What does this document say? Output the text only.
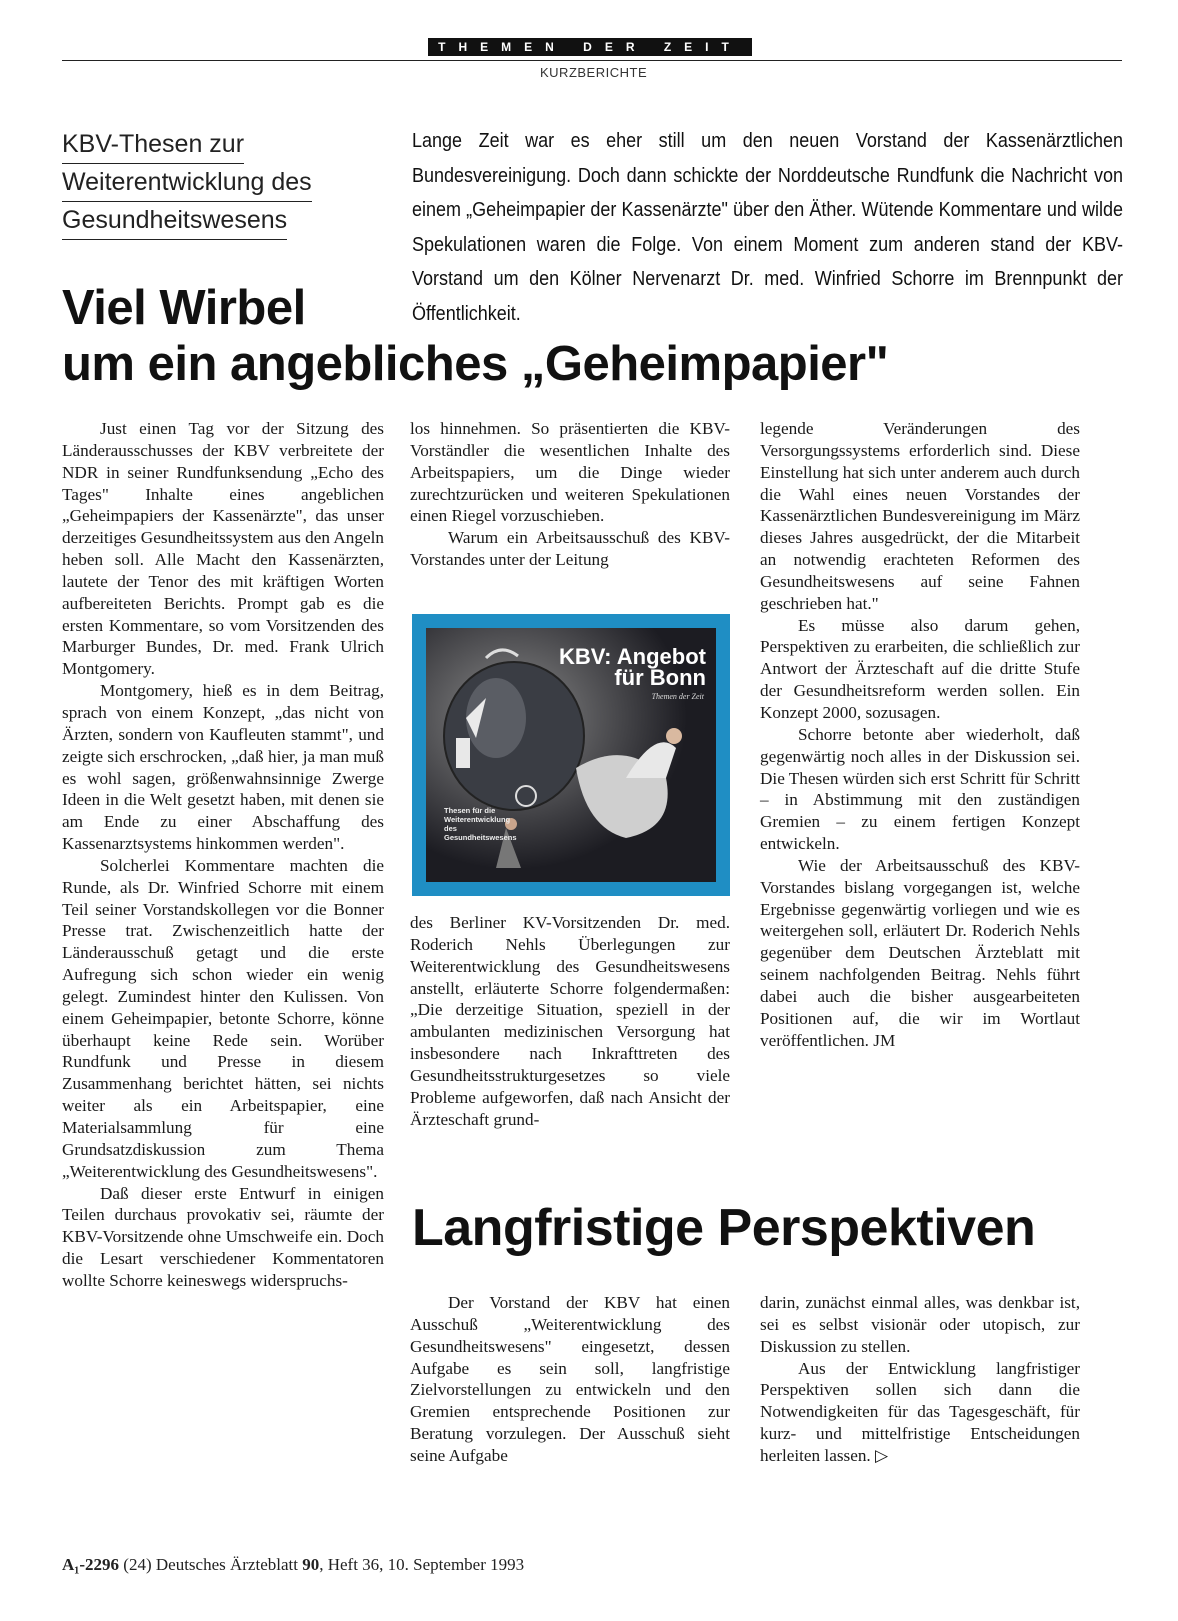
THEMEN DER ZEIT
KURZBERICHTE
KBV-Thesen zur
Weiterentwicklung des
Gesundheitswesens
Lange Zeit war es eher still um den neuen Vorstand der Kassenärztlichen Bundesvereinigung. Doch dann schickte der Norddeutsche Rundfunk die Nachricht von einem „Geheimpapier der Kassenärzte" über den Äther. Wütende Kommentare und wilde Spekulationen waren die Folge. Von einem Moment zum anderen stand der KBV-Vorstand um den Kölner Nervenarzt Dr. med. Winfried Schorre im Brennpunkt der Öffentlichkeit.
Viel Wirbel
um ein angebliches „Geheimpapier"

Just einen Tag vor der Sitzung des Länderausschusses der KBV verbreitete der NDR in seiner Rundfunksendung „Echo des Tages" Inhalte eines angeblichen „Geheimpapiers der Kassenärzte", das unser derzeitiges Gesundheitssystem aus den Angeln heben soll. Alle Macht den Kassenärzten, lautete der Tenor des mit kräftigen Worten aufbereiteten Berichts. Prompt gab es die ersten Kommentare, so vom Vorsitzenden des Marburger Bundes, Dr. med. Frank Ulrich Montgomery.

Montgomery, hieß es in dem Beitrag, sprach von einem Konzept, „das nicht von Ärzten, sondern von Kaufleuten stammt", und zeigte sich erschrocken, „daß hier, ja man muß es wohl sagen, größenwahnsinnige Zwerge Ideen in die Welt gesetzt haben, mit denen sie am Ende zu einer Abschaffung des Kassenarztsystems hinkommen werden".

Solcherlei Kommentare machten die Runde, als Dr. Winfried Schorre mit einem Teil seiner Vorstandskollegen vor die Bonner Presse trat. Zwischenzeitlich hatte der Länderausschuß getagt und die erste Aufregung sich schon wieder ein wenig gelegt. Zumindest hinter den Kulissen. Von einem Geheimpapier, betonte Schorre, könne überhaupt keine Rede sein. Worüber Rundfunk und Presse in diesem Zusammenhang berichtet hätten, sei nichts weiter als ein Arbeitspapier, eine Materialsammlung für eine Grundsatzdiskussion zum Thema „Weiterentwicklung des Gesundheitswesens".

Daß dieser erste Entwurf in einigen Teilen durchaus provokativ sei, räumte der KBV-Vorsitzende ohne Umschweife ein. Doch die Lesart verschiedener Kommentatoren wollte Schorre keineswegs widerspruchs-

los hinnehmen. So präsentierten die KBV-Vorständler die wesentlichen Inhalte des Arbeitspapiers, um die Dinge wieder zurechtzurücken und weiteren Spekulationen einen Riegel vorzuschieben.

Warum ein Arbeitsausschuß des KBV-Vorstandes unter der Leitung

KBV: Angebot
für Bonn
Themen der Zeit
Thesen für die Weiterentwicklung des Gesundheitswesens

des Berliner KV-Vorsitzenden Dr. med. Roderich Nehls Überlegungen zur Weiterentwicklung des Gesundheitswesens anstellt, erläuterte Schorre folgendermaßen: „Die derzeitige Situation, speziell in der ambulanten medizinischen Versorgung hat insbesondere nach Inkrafttreten des Gesundheitsstrukturgesetzes so viele Probleme aufgeworfen, daß nach Ansicht der Ärzteschaft grund-

legende Veränderungen des Versorgungssystems erforderlich sind. Diese Einstellung hat sich unter anderem auch durch die Wahl eines neuen Vorstandes der Kassenärztlichen Bundesvereinigung im März dieses Jahres ausgedrückt, der die Mitarbeit an notwendig erachteten Reformen des Gesundheitswesens auf seine Fahnen geschrieben hat."

Es müsse also darum gehen, Perspektiven zu erarbeiten, die schließlich zur Antwort der Ärzteschaft auf die dritte Stufe der Gesundheitsreform werden sollen. Ein Konzept 2000, sozusagen.

Schorre betonte aber wiederholt, daß gegenwärtig noch alles in der Diskussion sei. Die Thesen würden sich erst Schritt für Schritt – in Abstimmung mit den zuständigen Gremien – zu einem fertigen Konzept entwickeln.

Wie der Arbeitsausschuß des KBV-Vorstandes bislang vorgegangen ist, welche Ergebnisse gegenwärtig vorliegen und wie es weitergehen soll, erläutert Dr. Roderich Nehls gegenüber dem Deutschen Ärzteblatt mit seinem nachfolgenden Beitrag. Nehls führt dabei auch die bisher ausgearbeiteten Positionen auf, die wir im Wortlaut veröffentlichen. JM

Langfristige Perspektiven

Der Vorstand der KBV hat einen Ausschuß „Weiterentwicklung des Gesundheitswesens" eingesetzt, dessen Aufgabe es sein soll, langfristige Zielvorstellungen zu entwickeln und den Gremien entsprechende Positionen zur Beratung vorzulegen. Der Ausschuß sieht seine Aufgabe

darin, zunächst einmal alles, was denkbar ist, sei es selbst visionär oder utopisch, zur Diskussion zu stellen.

Aus der Entwicklung langfristiger Perspektiven sollen sich dann die Notwendigkeiten für das Tagesgeschäft, für kurz- und mittelfristige Entscheidungen herleiten lassen. ▷

A₁-2296 (24) Deutsches Ärzteblatt 90, Heft 36, 10. September 1993
